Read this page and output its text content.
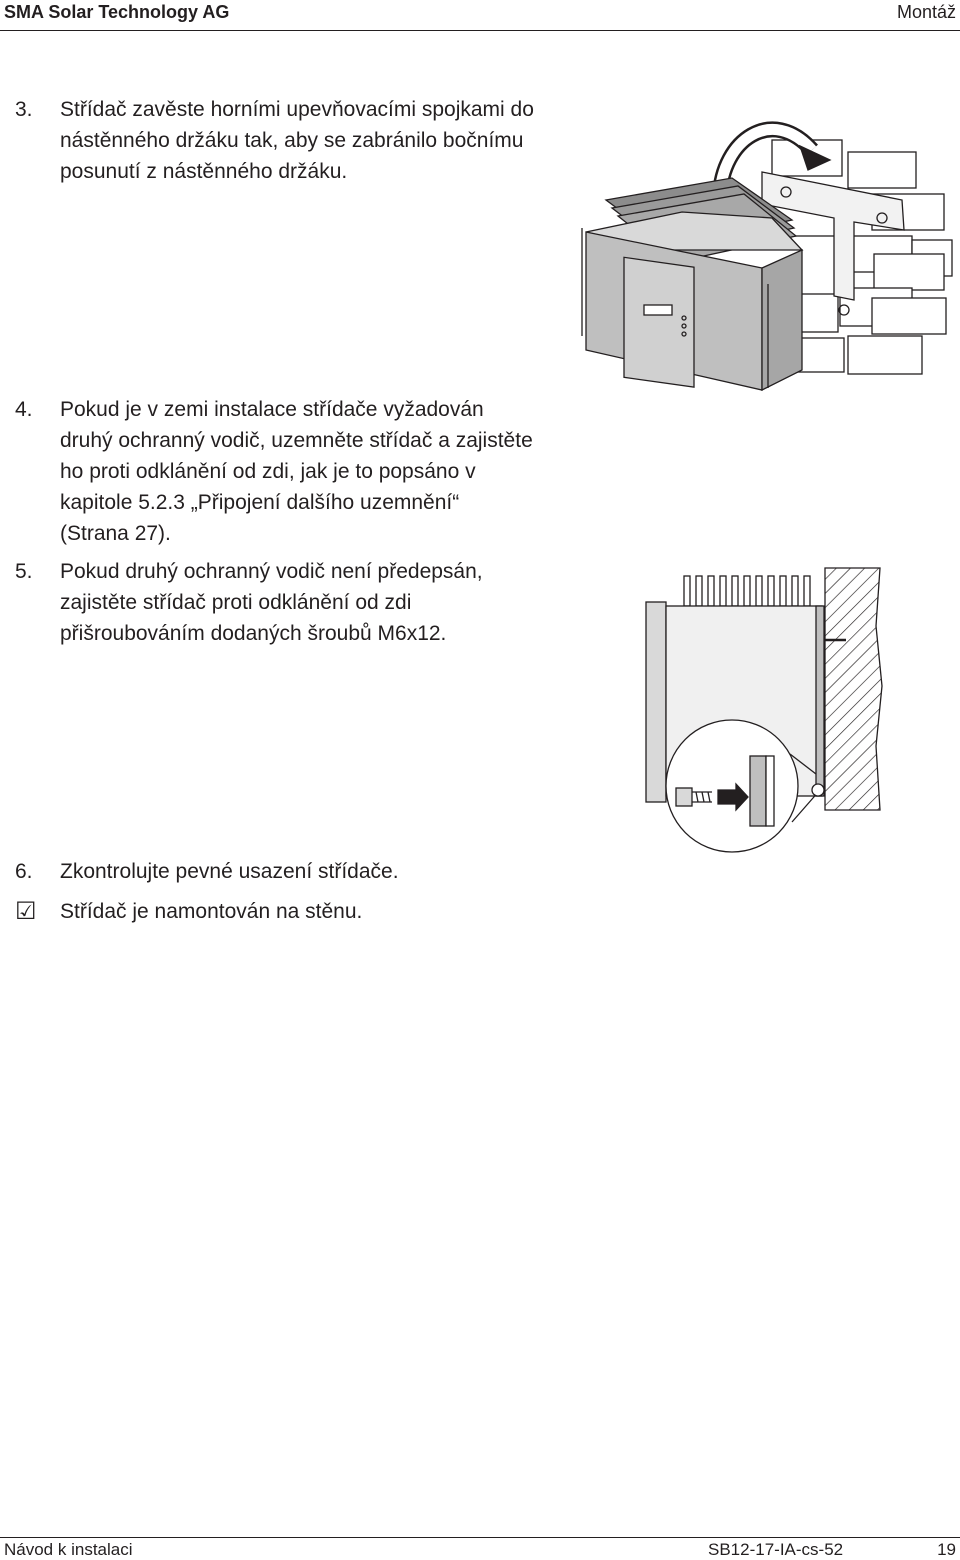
SMA Solar Technology AG	Montáž
3.	Střídač zavěste horními upevňovacími spojkami do
nástěnného držáku tak, aby se zabránilo bočnímu
posunutí z nástěnného držáku.
4.	Pokud je v zemi instalace střídače vyžadován
druhý ochranný vodič, uzemněte střídač a zajistěte
ho proti odklánění od zdi, jak je to popsáno v
kapitole 5.2.3 „Připojení dalšího uzemnění“
(Strana 27).
5.	Pokud druhý ochranný vodič není předepsán,
zajistěte střídač proti odklánění od zdi
přišroubováním dodaných šroubů M6x12.
6.	Zkontrolujte pevné usazení střídače.
☑	Střídač je namontován na stěnu.
Návod k instalaci	SB12-17-IA-cs-52	19
